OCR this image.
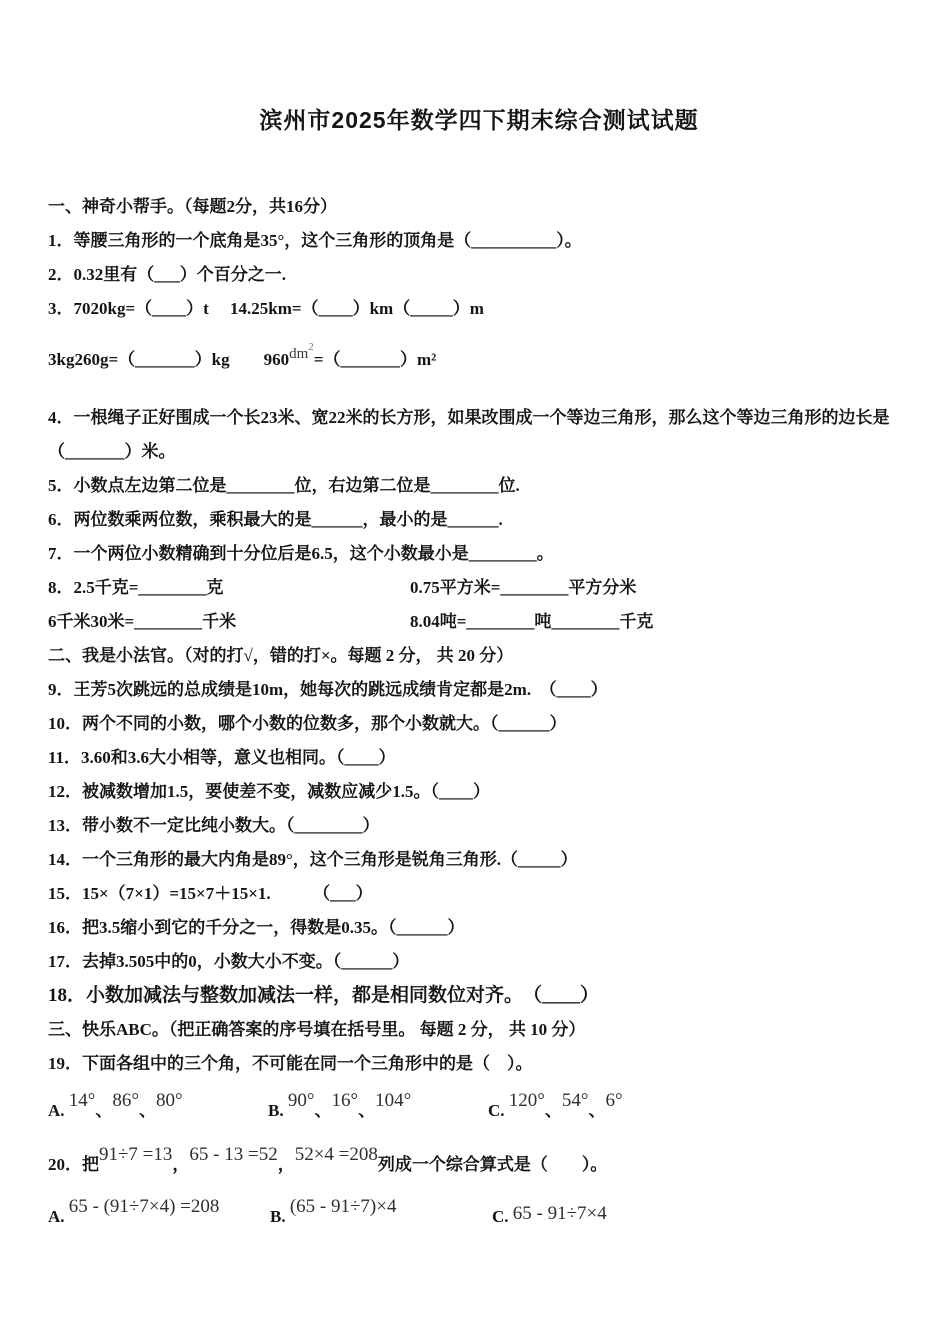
滨州市2025年数学四下期末综合测试试题
一、神奇小帮手。（每题2分，共16分）
1．等腰三角形的一个底角是35°，这个三角形的顶角是（__________）。
2．0.32里有（___）个百分之一.
3．7020kg=（____）t　 14.25km=（____）km（_____）m
3kg260g=（_______）kg　　$960dm^2=(\_\_\_\_\_\_\_)m^2$
4．一根绳子正好围成一个长23米、宽22米的长方形，如果改围成一个等边三角形，那么这个等边三角形的边长是
（_______）米。
5．小数点左边第二位是________位，右边第二位是________位.
6．两位数乘两位数，乘积最大的是______，最小的是______.
7．一个两位小数精确到十分位后是6.5，这个小数最小是________。
8．2.5千克=________克	0.75平方米=________平方分米
6千米30米=________千米	8.04吨=________吨________千克
二、我是小法官。（对的打√，错的打×。每题 2 分， 共 20 分）
9．王芳5次跳远的总成绩是10m，她每次的跳远成绩肯定都是2m.　（____）
10．两个不同的小数，哪个小数的位数多，那个小数就大。（______）
11．3.60和3.6大小相等，意义也相同。（____）
12．被减数增加1.5，要使差不变，减数应减少1.5。（____）
13．带小数不一定比纯小数大。（________）
14．一个三角形的最大内角是89°，这个三角形是锐角三角形.（_____）
15．15×（7×1）=15×7＋15×1.　　　（___）
16．把3.5缩小到它的千分之一，得数是0.35。（______）
17．去掉3.505中的0，小数大小不变。（______）
18．小数加减法与整数加减法一样，都是相同数位对齐。　（____）
三、快乐ABC。（把正确答案的序号填在括号里。 每题 2 分， 共 10 分）
19．下面各组中的三个角，不可能在同一个三角形中的是（　）。
A. 14°、86°、80°	B. 90°、16°、104°	C. 120°、54°、6°
20．把91÷7 =13，65 - 13 =52，52×4 =208列成一个综合算式是（　　）。
A. 65 - (91÷7×4) =208	B. (65 - 91÷7)×4	C. 65 - 91÷7×4
